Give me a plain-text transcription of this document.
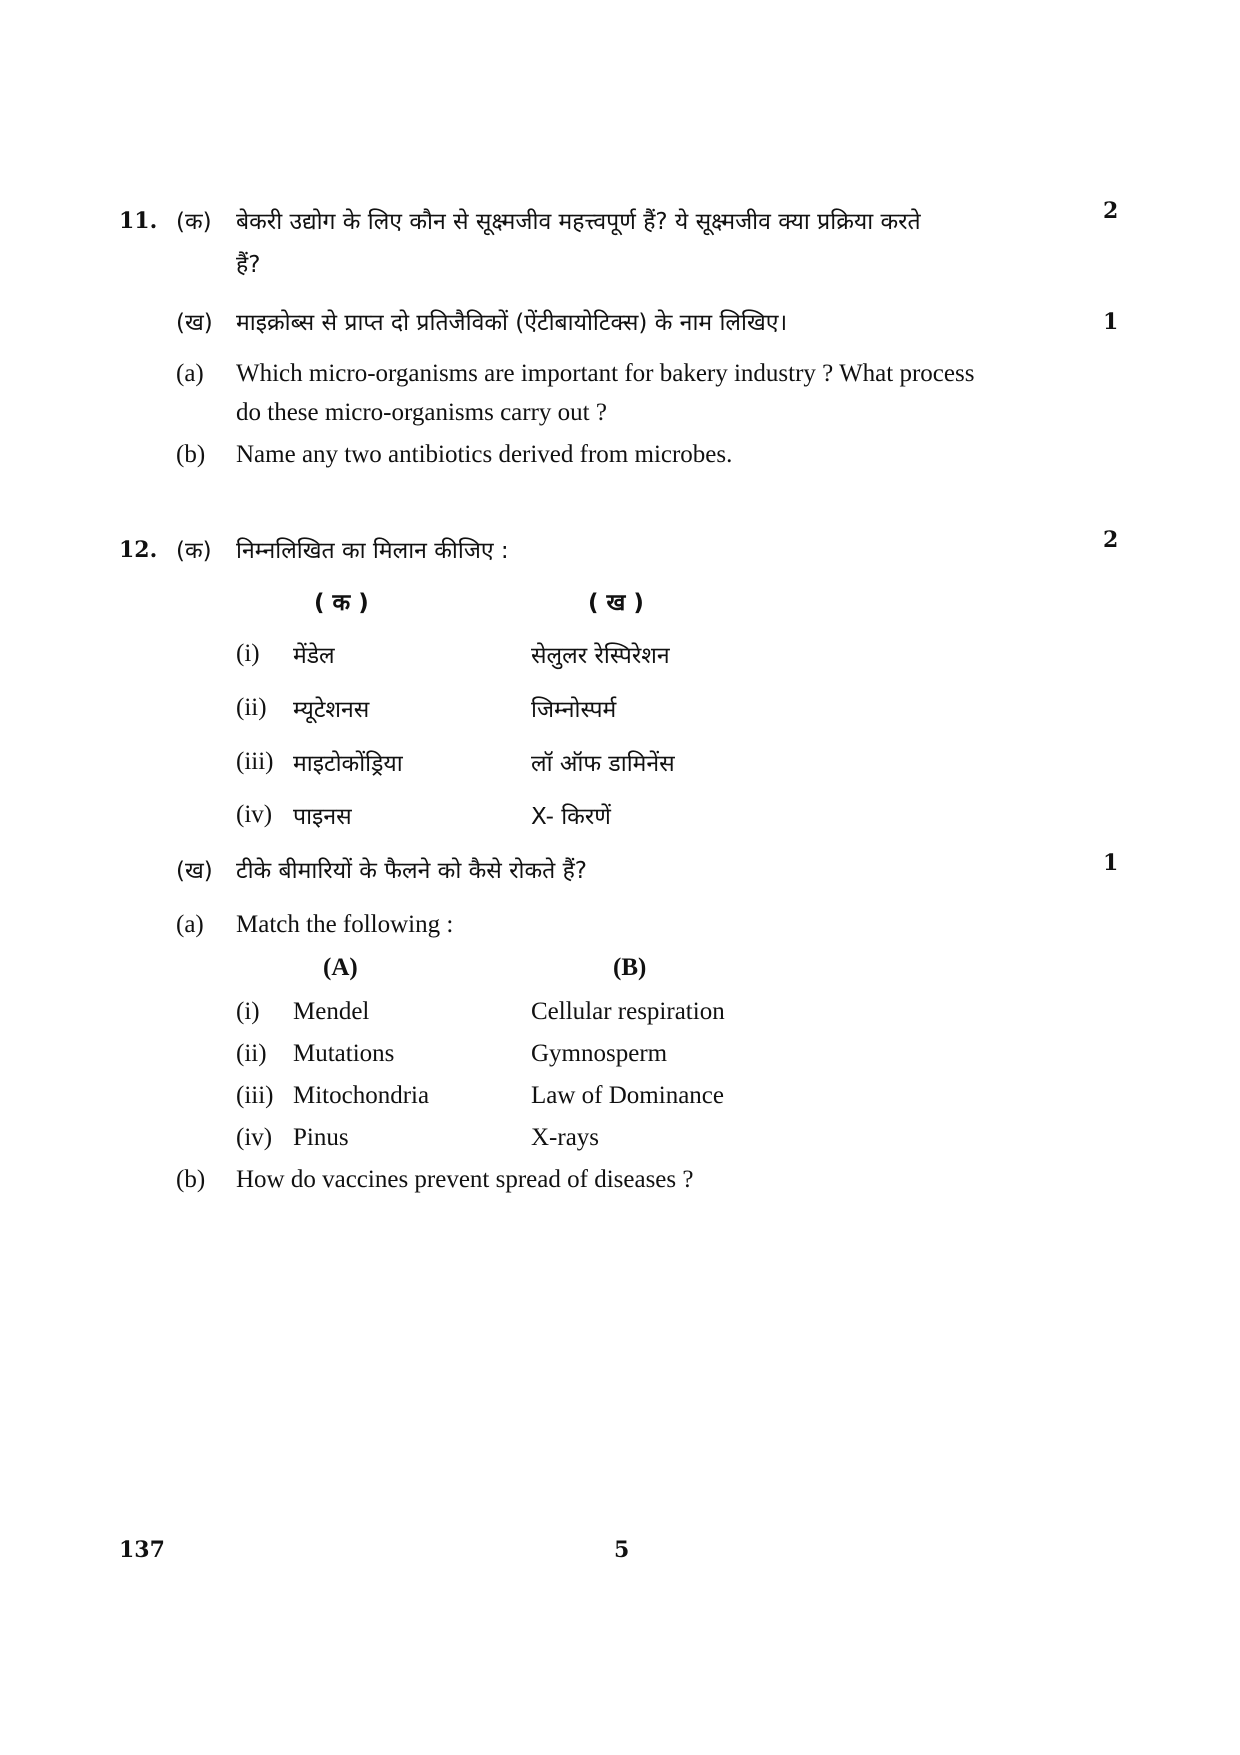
11. (क) बेकरी उद्योग के लिए कौन से सूक्ष्मजीव महत्त्वपूर्ण हैं? ये सूक्ष्मजीव क्या प्रक्रिया करते
हैं?
2
(ख) माइक्रोब्स से प्राप्त दो प्रतिजैविकों (ऐंटीबायोटिक्स) के नाम लिखिए।	1
(a) Which micro-organisms are important for bakery industry ? What process
do these micro-organisms carry out ?
(b) Name any two antibiotics derived from microbes.
12. (क) निम्नलिखित का मिलान कीजिए :	2
( क )	( ख )
(i) मेंडेल	सेलुलर रेस्पिरेशन
(ii) म्यूटेशनस	जिम्नोस्पर्म
(iii) माइटोकोंड्रिया	लॉ ऑफ डामिनेंस
(iv) पाइनस	X- किरणें
(ख) टीके बीमारियों के फैलने को कैसे रोकते हैं?	1
(a) Match the following :
(A)	(B)
(i) Mendel	Cellular respiration
(ii) Mutations	Gymnosperm
(iii) Mitochondria	Law of Dominance
(iv) Pinus	X-rays
(b) How do vaccines prevent spread of diseases ?
137	5
